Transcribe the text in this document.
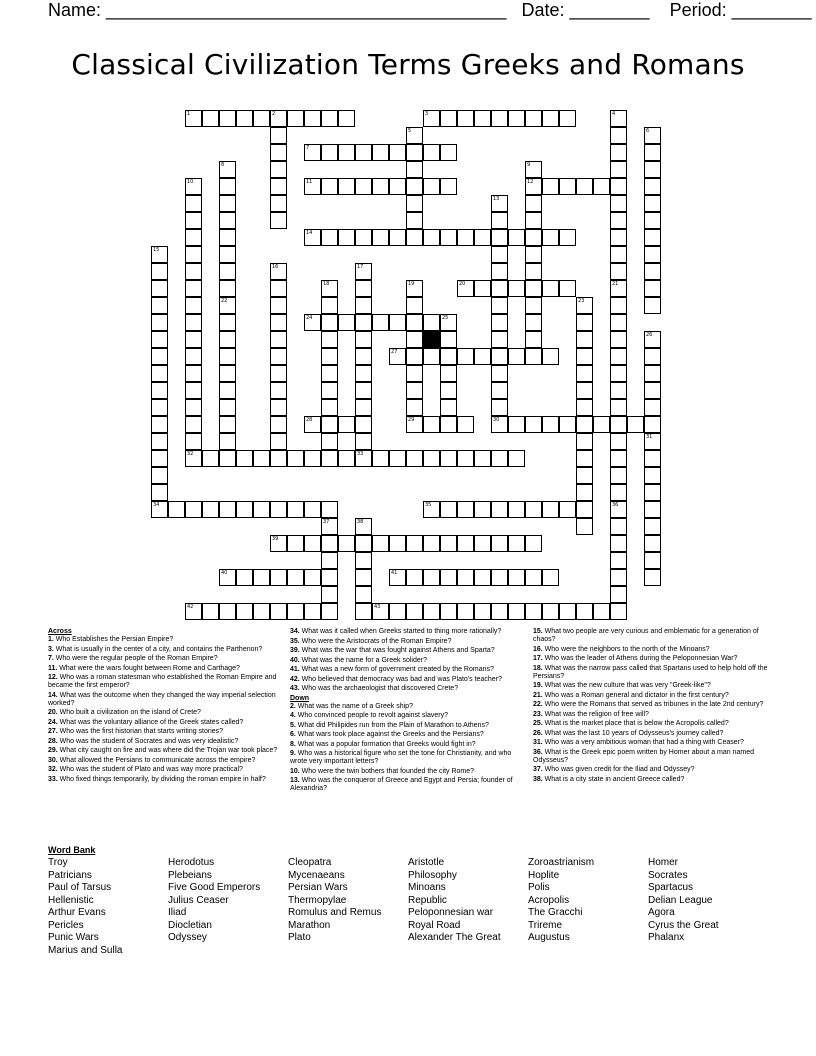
Name: ________________________________________   Date: ________    Period: ________
Classical Civilization Terms Greeks and Romans
1	2	3	4
21
36
5	6
7
8
22
9
12
10
32
11
13
30
14
15
16	17
33
18	19
29
20
23
24	25
26
27
28
31
34	35
37	38
39
40	41
42	43
Across
1. Who Establishes the Persian Empire?
3. What is usually in the center of a city, and contains the Parthenon?
7. Who were the regular people of the Roman Empire?
11. What were the wars fought between Rome and Carthage?
12. Who was a roman statesman who established the Roman Empire and became the first emperor?
14. What was the outcome when they changed the way imperial selection worked?
20. Who built a civilization on the island of Crete?
24. What was the voluntary alliance of the Greek states called?
27. Who was the first historian that starts writing stories?
28. Who was the student of Socrates and was very idealistic?
29. What city caught on fire and was where did the Trojan war took place?
30. What allowed the Persians to communicate across the empire?
32. Who was the student of Plato and was way more practical?
33. Who fixed things temporarily, by dividing the roman empire in half?
34. What was it called when Greeks started to thing more rationally?
35. Who were the Aristocrats of the Roman Empire?
39. What was the war that was fought against Athens and Sparta?
40. What was the name for a Greek solider?
41. What was a new form of government created by the Romans?
42. Who believed that democracy was bad and was Plato's teacher?
43. Who was the archaeologist that discovered Crete?
Down
2. What was the name of a Greek ship?
4. Who convinced people to revolt against slavery?
5. What did Philipides run from the Plain of Marathon to Athens?
6. What wars took place against the Greeks and the Persians?
8. What was a popular formation that Greeks would fight in?
9. Who was a historical figure who set the tone for Christianity, and who wrote very important letters?
10. Who were the twin bothers that founded the city Rome?
13. Who was the conqueror of Greece and Egypt and Persia; founder of Alexandria?
15. What two people are very curious and emblematic for a generation of chaos?
16. Who were the neighbors to the north of the Minoans?
17. Who was the leader of Athens during the Peloponnesian War?
18. What was the narrow pass called that Spartans used to help hold off the Persians?
19. What was the new culture that was very "Greek-like"?
21. Who was a Roman general and dictator in the first century?
22. Who were the Romans that served as tribunes in the late 2nd century?
23. What was the religion of free will?
25. What is the market place that is below the Acropolis called?
26. What was the last 10 years of Odysseus's journey called?
31. Who was a very ambitious woman that had a thing with Ceaser?
36. What is the Greek epic poem written by Homer about a man named Odysseus?
37. Who was given credit for the Iliad and Odyssey?
38. What is a city state in ancient Greece called?
Word Bank
Troy
Patricians
Paul of Tarsus
Hellenistic
Arthur Evans
Pericles
Punic Wars
Marius and Sulla
Herodotus
Plebeians
Five Good Emperors
Julius Ceaser
Iliad
Diocletian
Odyssey
Cleopatra
Mycenaeans
Persian Wars
Thermopylae
Romulus and Remus
Marathon
Plato
Aristotle
Philosophy
Minoans
Republic
Peloponnesian war
Royal Road
Alexander The Great
Zoroastrianism
Hoplite
Polis
Acropolis
The Gracchi
Trireme
Augustus
Homer
Socrates
Spartacus
Delian League
Agora
Cyrus the Great
Phalanx
